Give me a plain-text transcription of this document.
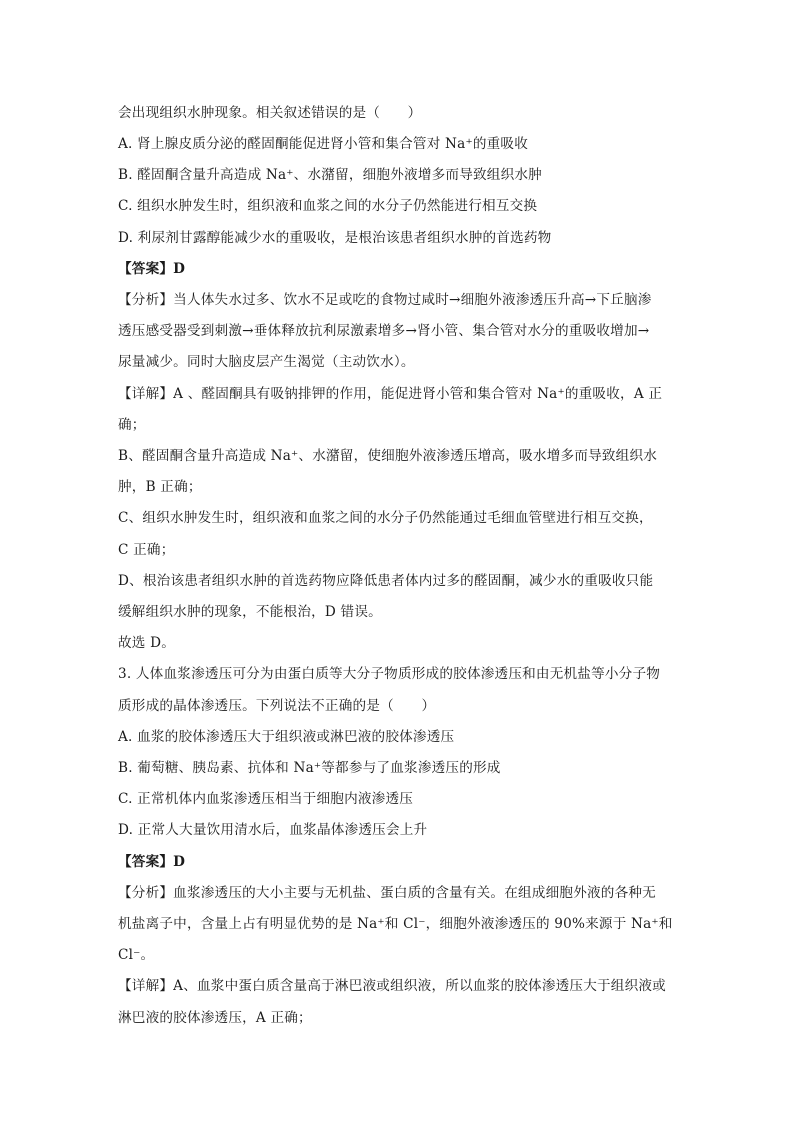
会出现组织水肿现象。相关叙述错误的是（　　）
A. 肾上腺皮质分泌的醛固酮能促进肾小管和集合管对 Na⁺的重吸收
B. 醛固酮含量升高造成 Na⁺、水潴留，细胞外液增多而导致组织水肿
C. 组织水肿发生时，组织液和血浆之间的水分子仍然能进行相互交换
D. 利尿剂甘露醇能减少水的重吸收，是根治该患者组织水肿的首选药物
【答案】D
【分析】当人体失水过多、饮水不足或吃的食物过咸时→细胞外液渗透压升高→下丘脑渗
透压感受器受到刺激→垂体释放抗利尿激素增多→肾小管、集合管对水分的重吸收增加→
尿量减少。同时大脑皮层产生渴觉（主动饮水）。
【详解】A 、醛固酮具有吸钠排钾的作用，能促进肾小管和集合管对 Na⁺的重吸收，A 正
确；
B、醛固酮含量升高造成 Na⁺、水潴留，使细胞外液渗透压增高，吸水增多而导致组织水
肿，B 正确；
C、组织水肿发生时，组织液和血浆之间的水分子仍然能通过毛细血管壁进行相互交换，
C 正确；
D、根治该患者组织水肿的首选药物应降低患者体内过多的醛固酮，减少水的重吸收只能
缓解组织水肿的现象，不能根治，D 错误。
故选 D。
3. 人体血浆渗透压可分为由蛋白质等大分子物质形成的胶体渗透压和由无机盐等小分子物
质形成的晶体渗透压。下列说法不正确的是（　　）
A. 血浆的胶体渗透压大于组织液或淋巴液的胶体渗透压
B. 葡萄糖、胰岛素、抗体和 Na⁺等都参与了血浆渗透压的形成
C. 正常机体内血浆渗透压相当于细胞内液渗透压
D. 正常人大量饮用清水后，血浆晶体渗透压会上升
【答案】D
【分析】血浆渗透压的大小主要与无机盐、蛋白质的含量有关。在组成细胞外液的各种无
机盐离子中，含量上占有明显优势的是 Na⁺和 Cl⁻，细胞外液渗透压的 90%来源于 Na⁺和
Cl⁻。
【详解】A、血浆中蛋白质含量高于淋巴液或组织液，所以血浆的胶体渗透压大于组织液或
淋巴液的胶体渗透压，A 正确；
